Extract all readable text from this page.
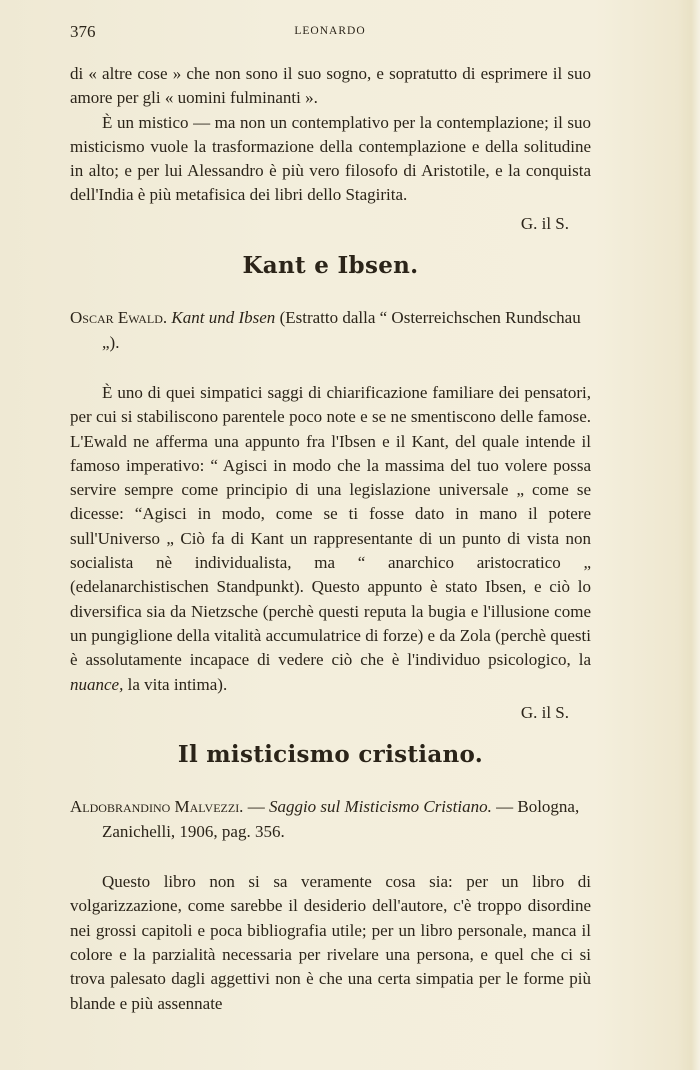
376	LEONARDO

di « altre cose » che non sono il suo sogno, e sopratutto di esprimere il suo amore per gli « uomini fulminanti ».

È un mistico — ma non un contemplativo per la contemplazione; il suo misticismo vuole la trasformazione della contemplazione e della solitudine in alto; e per lui Alessandro è più vero filosofo di Aristotile, e la conquista dell'India è più metafisica dei libri dello Stagirita.

G. il S.

Kant e Ibsen.

Oscar Ewald. Kant und Ibsen (Estratto dalla “ Osterreichschen Rundschau „).

È uno di quei simpatici saggi di chiarificazione familiare dei pensatori, per cui si stabiliscono parentele poco note e se ne smentiscono delle famose. L'Ewald ne afferma una appunto fra l'Ibsen e il Kant, del quale intende il famoso imperativo: “ Agisci in modo che la massima del tuo volere possa servire sempre come principio di una legislazione universale „ come se dicesse: “Agisci in modo, come se ti fosse dato in mano il potere sull'Universo „ Ciò fa di Kant un rappresentante di un punto di vista non socialista nè individualista, ma “ anarchico aristocratico „ (edelanarchistischen Standpunkt). Questo appunto è stato Ibsen, e ciò lo diversifica sia da Nietzsche (perchè questi reputa la bugia e l'illusione come un pungiglione della vitalità accumulatrice di forze) e da Zola (perchè questi è assolutamente incapace di vedere ciò che è l'individuo psicologico, la nuance, la vita intima).

G. il S.

Il misticismo cristiano.

Aldobrandino Malvezzi. — Saggio sul Misticismo Cristiano. — Bologna, Zanichelli, 1906, pag. 356.

Questo libro non si sa veramente cosa sia: per un libro di volgarizzazione, come sarebbe il desiderio dell'autore, c'è troppo disordine nei grossi capitoli e poca bibliografia utile; per un libro personale, manca il colore e la parzialità necessaria per rivelare una persona, e quel che ci si trova palesato dagli aggettivi non è che una certa simpatia per le forme più blande e più assennate
